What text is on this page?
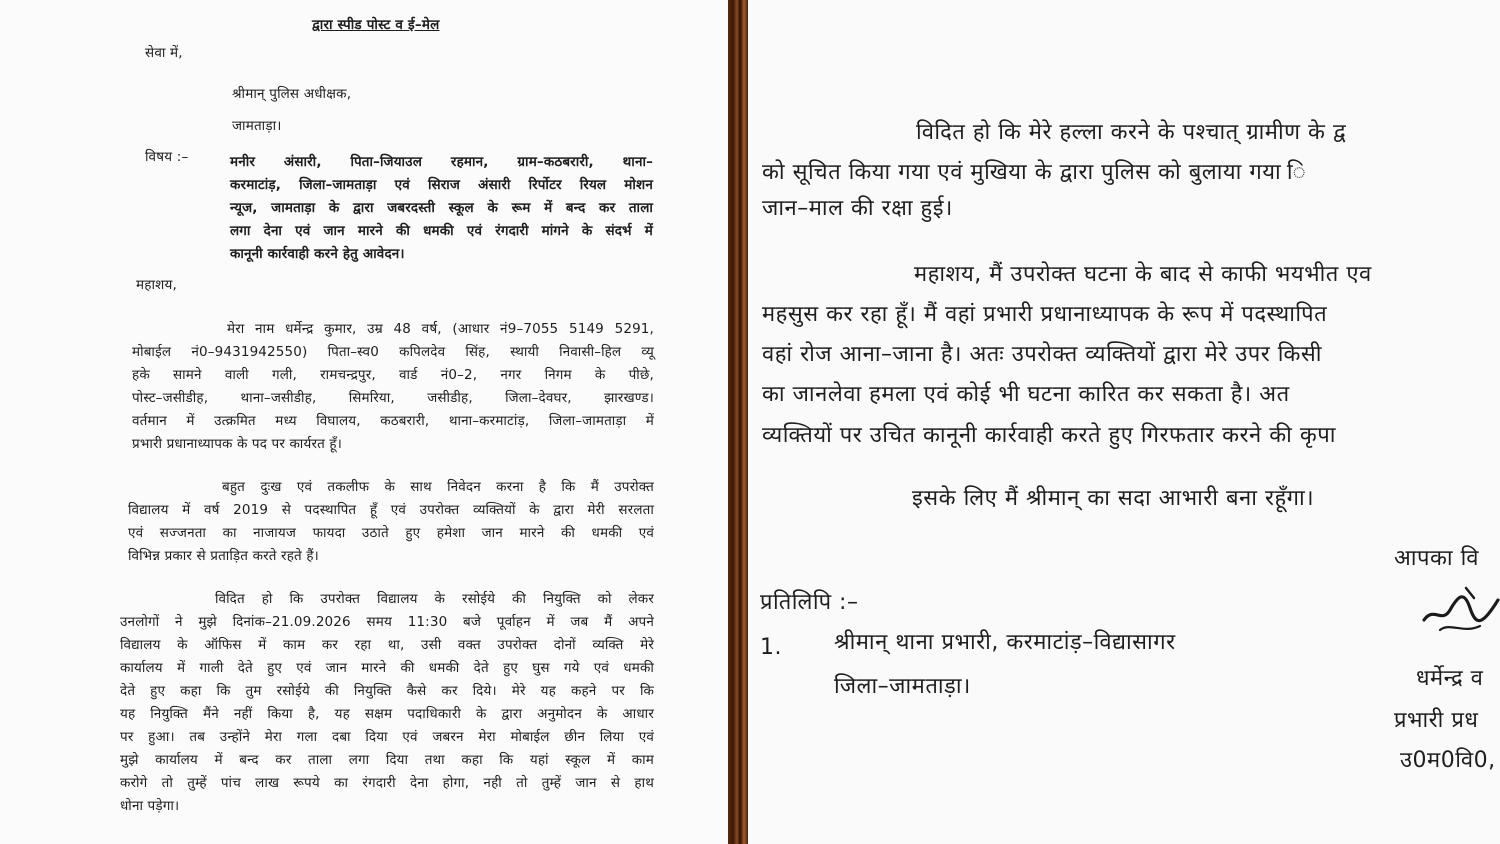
द्वारा स्पीड पोस्ट व ई–मेल

सेवा में,

श्रीमान् पुलिस अधीक्षक,

जामताड़ा।

विषय :–	मनीर अंसारी, पिता–जियाउल रहमान, ग्राम–कठबरारी, थाना–
करमाटांड़, जिला–जामताड़ा एवं सिराज अंसारी रिर्पोटर रियल मोशन
न्यूज, जामताड़ा के द्वारा जबरदस्ती स्कूल के रूम में बन्द कर ताला
लगा देना एवं जान मारने की धमकी एवं रंगदारी मांगने के संदर्भ में
कानूनी कार्रवाही करने हेतु आवेदन।

महाशय,

मेरा नाम धर्मेन्द्र कुमार, उम्र 48 वर्ष, (आधार नं9–7055 5149 5291,
मोबाईल नं0–9431942550) पिता–स्व0 कपिलदेव सिंह, स्थायी निवासी–हिल व्यू
हके सामने वाली गली, रामचन्द्रपुर, वार्ड नं0–2, नगर निगम के पीछे,
पोस्ट–जसीडीह, थाना–जसीडीह, सिमरिया, जसीडीह, जिला–देवघर, झारखण्ड।
वर्तमान में उत्क्रमित मध्य विघालय, कठबरारी, थाना–करमाटांड़, जिला–जामताड़ा में
प्रभारी प्रधानाध्यापक के पद पर कार्यरत हूँ।
बहुत दुःख एवं तकलीफ के साथ निवेदन करना है कि मैं उपरोक्त
विद्यालय में वर्ष 2019 से पदस्थापित हूँ एवं उपरोक्त व्यक्तियों के द्वारा मेरी सरलता
एवं सज्जनता का नाजायज फायदा उठाते हुए हमेशा जान मारने की धमकी एवं
विभिन्न प्रकार से प्रताड़ित करते रहते हैं।
विदित हो कि उपरोक्त विद्यालय के रसोईये की नियुक्ति को लेकर
उनलोगों ने मुझे दिनांक–21.09.2026 समय 11:30 बजे पूर्वाहन में जब मैं अपने
विद्यालय के ऑफिस में काम कर रहा था, उसी वक्त उपरोक्त दोनों व्यक्ति मेरे
कार्यालय में गाली देते हुए एवं जान मारने की धमकी देते हुए घुस गये एवं धमकी
देते हुए कहा कि तुम रसोईये की नियुक्ति कैसे कर दिये। मेरे यह कहने पर कि
यह नियुक्ति मैंने नहीं किया है, यह सक्षम पदाधिकारी के द्वारा अनुमोदन के आधार
पर हुआ। तब उन्होंने मेरा गला दबा दिया एवं जबरन मेरा मोबाईल छीन लिया एवं
मुझे कार्यालय में बन्द कर ताला लगा दिया तथा कहा कि यहां स्कूल में काम
करोगे तो तुम्हें पांच लाख रूपये का रंगदारी देना होगा, नही तो तुम्हें जान से हाथ
धोना पड़ेगा।
विदित हो कि मेरे हल्ला करने के पश्चात् ग्रामीण के द्व
को सूचित किया गया एवं मुखिया के द्वारा पुलिस को बुलाया गया ि
जान–माल की रक्षा हुई।
महाशय, मैं उपरोक्त घटना के बाद से काफी भयभीत एव
महसुस कर रहा हूँ। मैं वहां प्रभारी प्रधानाध्यापक के रूप में पदस्थापित
वहां रोज आना–जाना है। अतः उपरोक्त व्यक्तियों द्वारा मेरे उपर किसी
का जानलेवा हमला एवं कोई भी घटना कारित कर सकता है। अत
व्यक्तियों पर उचित कानूनी कार्रवाही करते हुए गिरफतार करने की कृपा
इसके लिए मैं श्रीमान् का सदा आभारी बना रहूँगा।
आपका वि
प्रतिलिपि :–
1. श्रीमान् थाना प्रभारी, करमाटांड़–विद्यासागर
जिला–जामताड़ा।	धर्मेन्द्र व
प्रभारी प्रध
उ0म0वि0,
